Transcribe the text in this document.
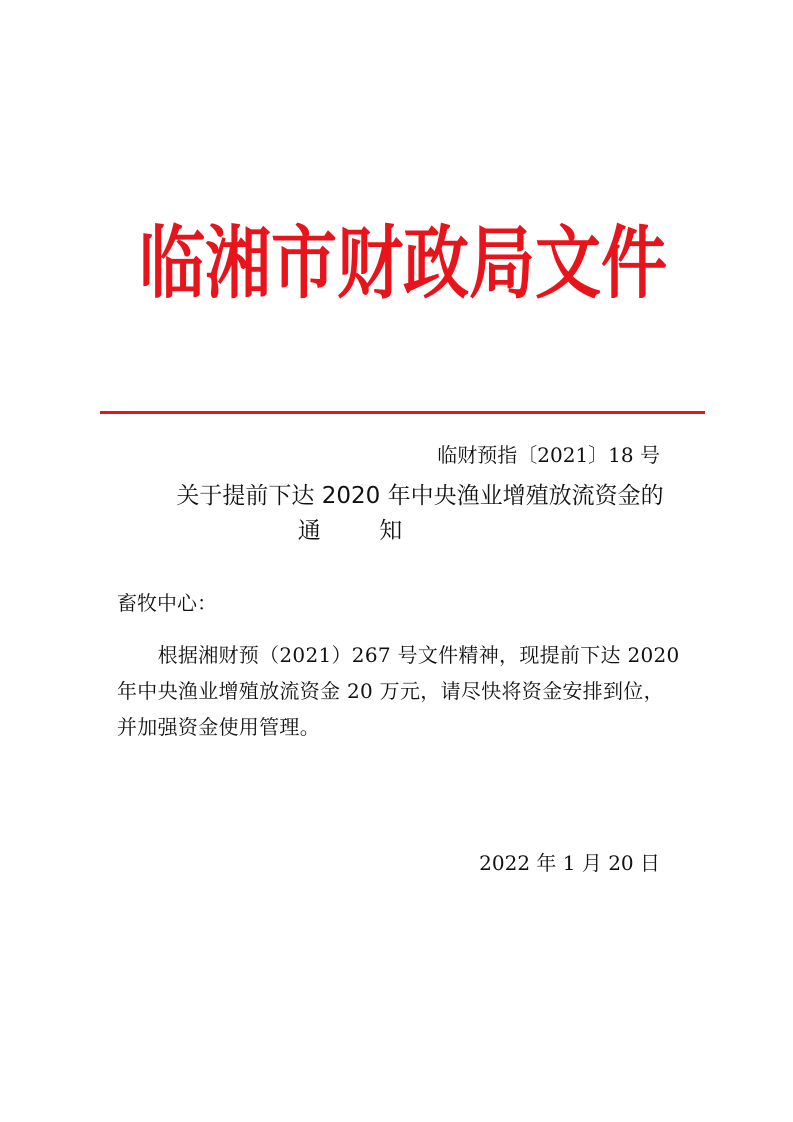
临湘市财政局文件
临财预指〔2021〕18 号
关于提前下达 2020 年中央渔业增殖放流资金的
通        知
畜牧中心：

　　根据湘财预（2021）267 号文件精神，现提前下达 2020

年中央渔业增殖放流资金 20 万元，请尽快将资金安排到位，

并加强资金使用管理。

2022 年 1 月 20 日
